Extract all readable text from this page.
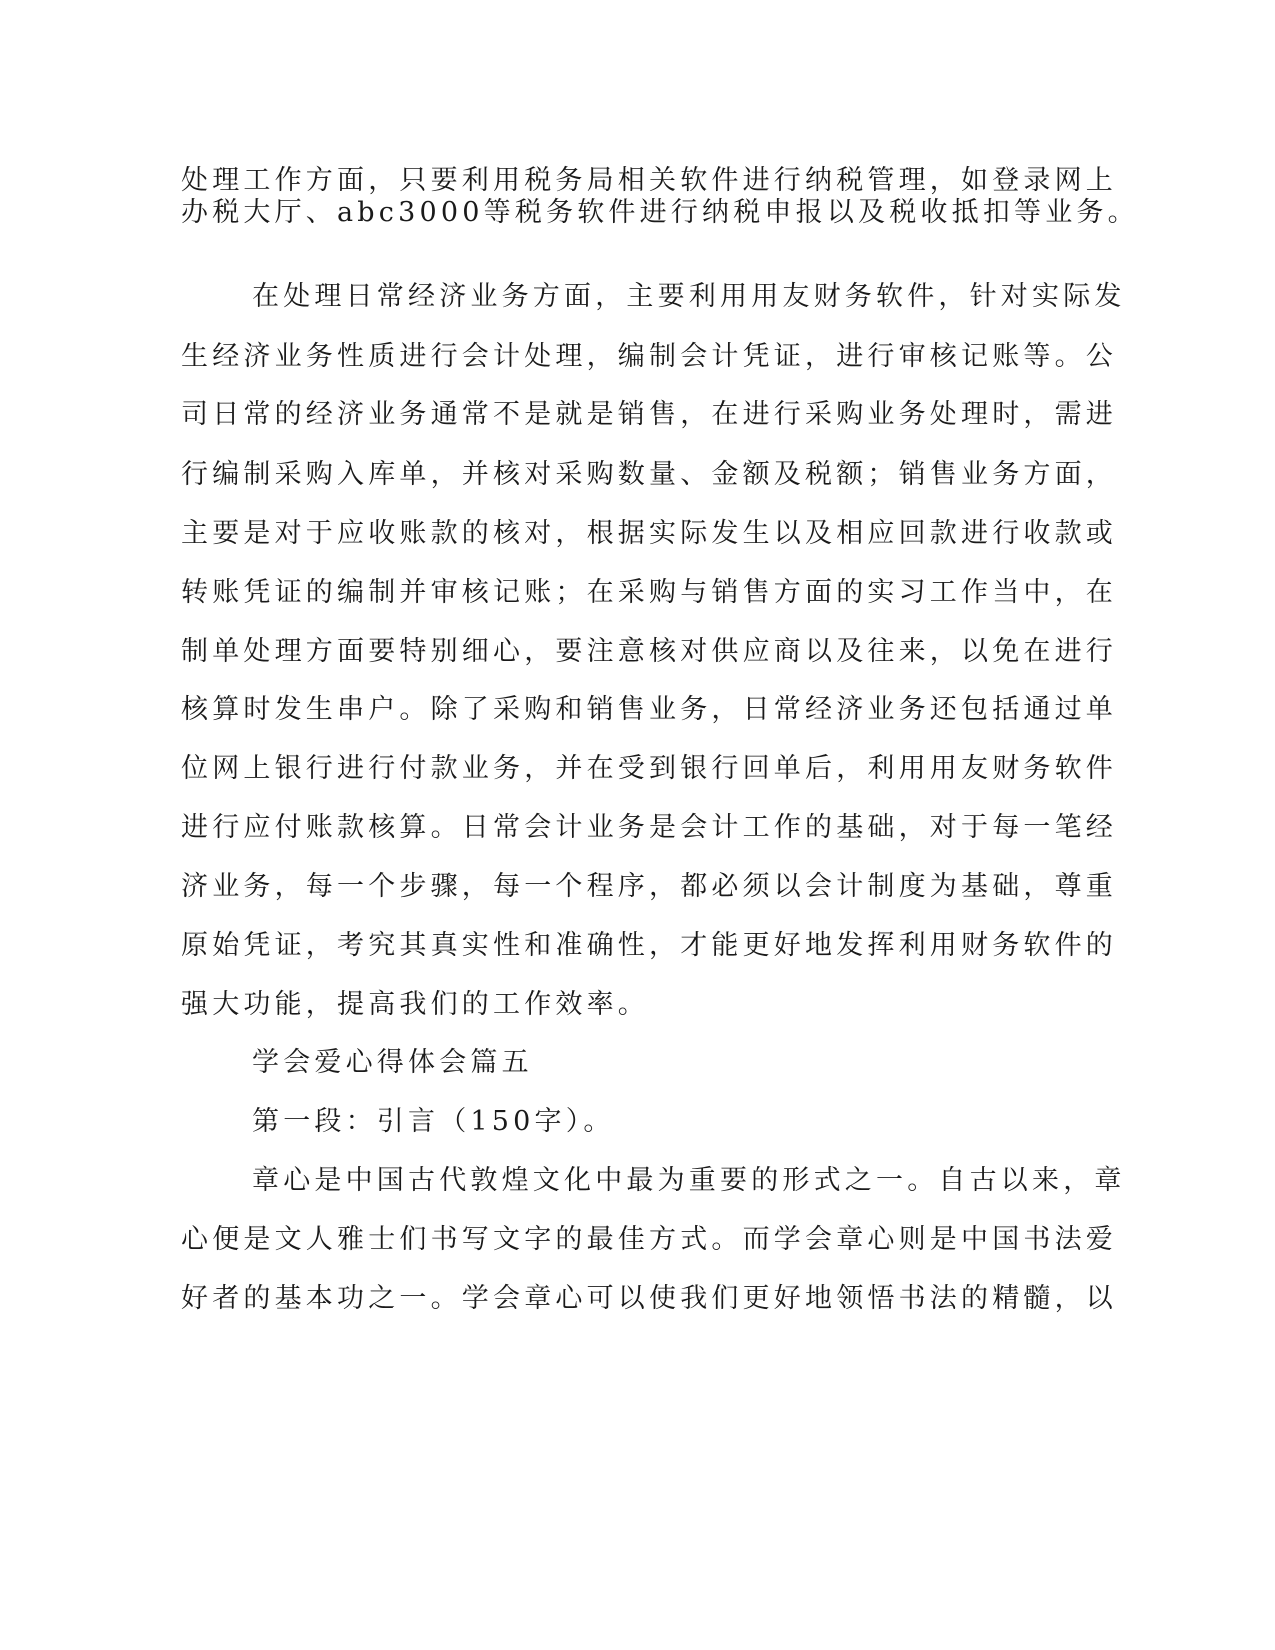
处理工作方面，只要利用税务局相关软件进行纳税管理，如登录网上
办税大厅、abc3000等税务软件进行纳税申报以及税收抵扣等业务。
在处理日常经济业务方面，主要利用用友财务软件，针对实际发
生经济业务性质进行会计处理，编制会计凭证，进行审核记账等。公
司日常的经济业务通常不是就是销售，在进行采购业务处理时，需进
行编制采购入库单，并核对采购数量、金额及税额；销售业务方面，
主要是对于应收账款的核对，根据实际发生以及相应回款进行收款或
转账凭证的编制并审核记账；在采购与销售方面的实习工作当中，在
制单处理方面要特别细心，要注意核对供应商以及往来，以免在进行
核算时发生串户。除了采购和销售业务，日常经济业务还包括通过单
位网上银行进行付款业务，并在受到银行回单后，利用用友财务软件
进行应付账款核算。日常会计业务是会计工作的基础，对于每一笔经
济业务，每一个步骤，每一个程序，都必须以会计制度为基础，尊重
原始凭证，考究其真实性和准确性，才能更好地发挥利用财务软件的
强大功能，提高我们的工作效率。
学会爱心得体会篇五
第一段：引言（150字）。
章心是中国古代敦煌文化中最为重要的形式之一。自古以来，章
心便是文人雅士们书写文字的最佳方式。而学会章心则是中国书法爱
好者的基本功之一。学会章心可以使我们更好地领悟书法的精髓，以
